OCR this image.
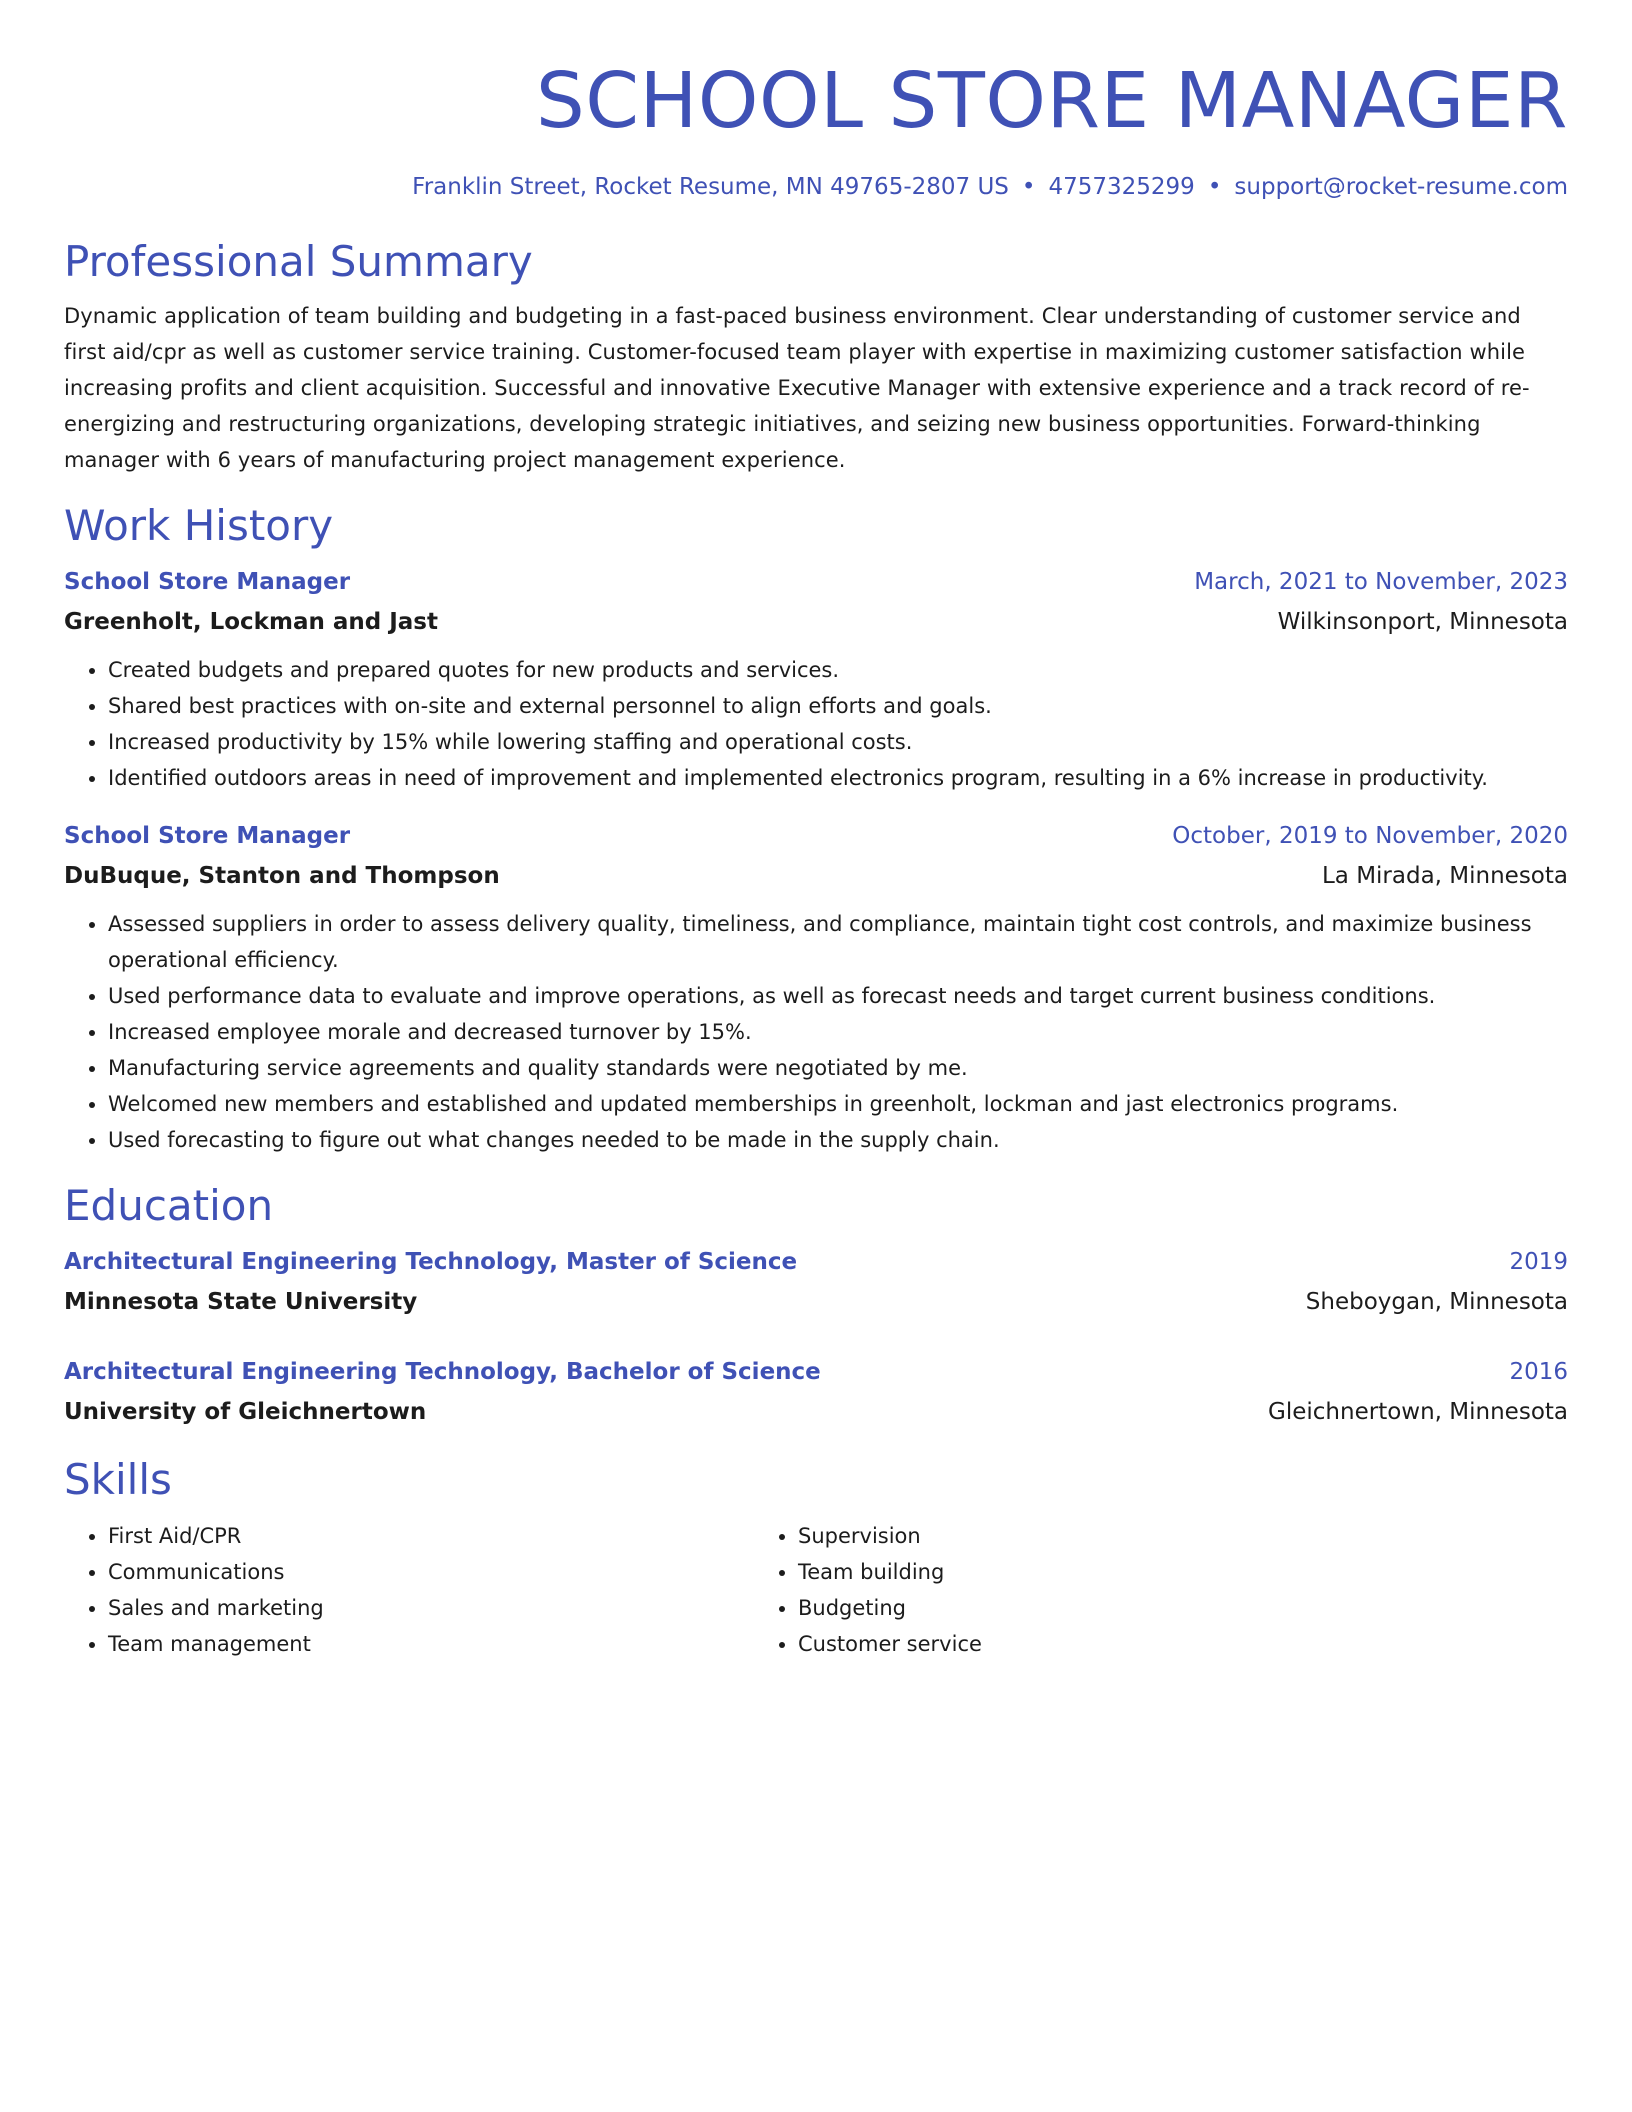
SCHOOL STORE MANAGER
Franklin Street, Rocket Resume, MN 49765-2807 US • 4757325299 • support@rocket-resume.com
Professional Summary
Dynamic application of team building and budgeting in a fast-paced business environment. Clear understanding of customer service and first aid/cpr as well as customer service training. Customer-focused team player with expertise in maximizing customer satisfaction while increasing profits and client acquisition. Successful and innovative Executive Manager with extensive experience and a track record of re-energizing and restructuring organizations, developing strategic initiatives, and seizing new business opportunities. Forward-thinking manager with 6 years of manufacturing project management experience.
Work History
School Store Manager	March, 2021 to November, 2023
Greenholt, Lockman and Jast	Wilkinsonport, Minnesota
• Created budgets and prepared quotes for new products and services.
• Shared best practices with on-site and external personnel to align efforts and goals.
• Increased productivity by 15% while lowering staffing and operational costs.
• Identified outdoors areas in need of improvement and implemented electronics program, resulting in a 6% increase in productivity.
School Store Manager	October, 2019 to November, 2020
DuBuque, Stanton and Thompson	La Mirada, Minnesota
• Assessed suppliers in order to assess delivery quality, timeliness, and compliance, maintain tight cost controls, and maximize business operational efficiency.
• Used performance data to evaluate and improve operations, as well as forecast needs and target current business conditions.
• Increased employee morale and decreased turnover by 15%.
• Manufacturing service agreements and quality standards were negotiated by me.
• Welcomed new members and established and updated memberships in greenholt, lockman and jast electronics programs.
• Used forecasting to figure out what changes needed to be made in the supply chain.
Education
Architectural Engineering Technology, Master of Science	2019
Minnesota State University	Sheboygan, Minnesota
Architectural Engineering Technology, Bachelor of Science	2016
University of Gleichnertown	Gleichnertown, Minnesota
Skills
• First Aid/CPR
• Communications
• Sales and marketing
• Team management
• Supervision
• Team building
• Budgeting
• Customer service
